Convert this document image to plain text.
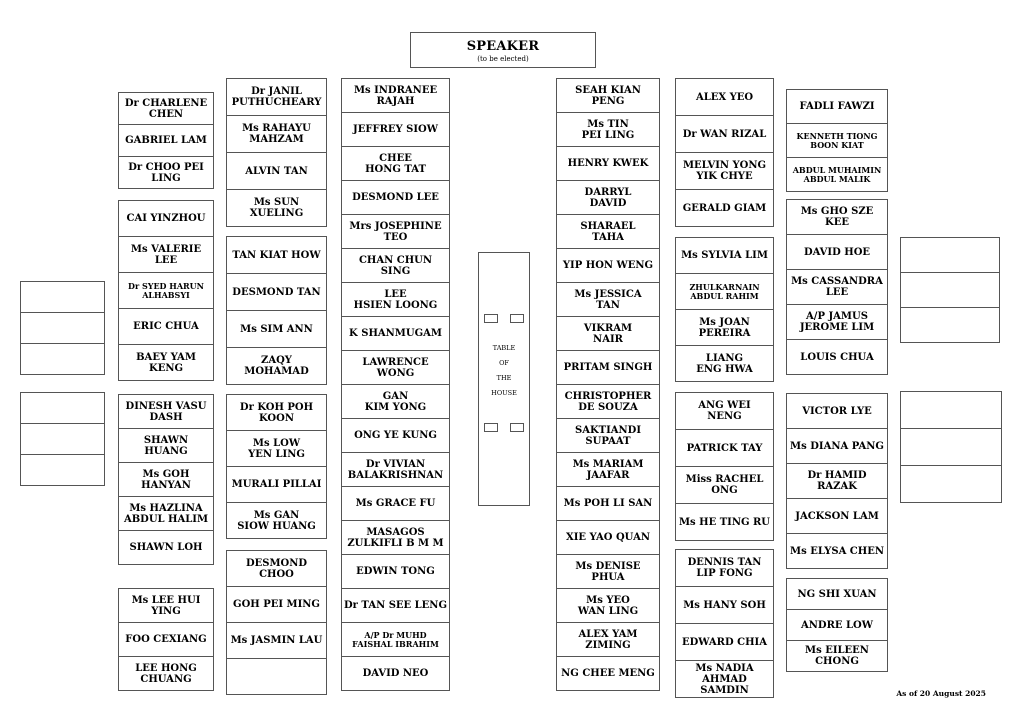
SPEAKER
(to be elected)
TABLE
OF
THE
HOUSE
As of 20 August 2025
Dr CHARLENE
CHEN
GABRIEL LAM
Dr CHOO PEI
LING
CAI YINZHOU
Ms VALERIE
LEE
Dr SYED HARUN
ALHABSYI
ERIC CHUA
BAEY YAM
KENG
DINESH VASU
DASH
SHAWN
HUANG
Ms GOH
HANYAN
Ms HAZLINA
ABDUL HALIM
SHAWN LOH
Ms LEE HUI
YING
FOO CEXIANG
LEE HONG
CHUANG
Dr JANIL
PUTHUCHEARY
Ms RAHAYU
MAHZAM
ALVIN TAN
Ms SUN XUELING
TAN KIAT HOW
DESMOND TAN
Ms SIM ANN
ZAQY
MOHAMAD
Dr KOH POH
KOON
Ms LOW
YEN LING
MURALI PILLAI
Ms GAN
SIOW HUANG
DESMOND
CHOO
GOH PEI MING
Ms JASMIN LAU
Ms INDRANEE
RAJAH
JEFFREY SIOW
CHEE
HONG TAT
DESMOND LEE
Mrs JOSEPHINE
TEO
CHAN CHUN SING
LEE
HSIEN LOONG
K SHANMUGAM
LAWRENCE
WONG
GAN
KIM YONG
ONG YE KUNG
Dr VIVIAN
BALAKRISHNAN
Ms GRACE FU
MASAGOS
ZULKIFLI B M M
EDWIN TONG
Dr TAN SEE LENG
A/P Dr MUHD
FAISHAL IBRAHIM
DAVID NEO
SEAH KIAN PENG
Ms TIN
PEI LING
HENRY KWEK
DARRYL
DAVID
SHARAEL
TAHA
YIP HON WENG
Ms JESSICA
TAN
VIKRAM
NAIR
PRITAM SINGH
CHRISTOPHER
DE SOUZA
SAKTIANDI
SUPAAT
Ms MARIAM
JAAFAR
Ms POH LI SAN
XIE YAO QUAN
Ms DENISE PHUA
Ms YEO
WAN LING
ALEX YAM
ZIMING
NG CHEE MENG
ALEX YEO
Dr WAN RIZAL
MELVIN YONG
YIK CHYE
GERALD GIAM
Ms SYLVIA LIM
ZHULKARNAIN
ABDUL RAHIM
Ms JOAN
PEREIRA
LIANG
ENG HWA
ANG WEI
NENG
PATRICK TAY
Miss RACHEL
ONG
Ms HE TING RU
DENNIS TAN
LIP FONG
Ms HANY SOH
EDWARD CHIA
Ms NADIA
AHMAD SAMDIN
FADLI FAWZI
KENNETH TIONG
BOON KIAT
ABDUL MUHAIMIN
ABDUL MALIK
Ms GHO SZE KEE
DAVID HOE
Ms CASSANDRA
LEE
A/P JAMUS
JEROME LIM
LOUIS CHUA
VICTOR LYE
Ms DIANA PANG
Dr HAMID
RAZAK
JACKSON LAM
Ms ELYSA CHEN
NG SHI XUAN
ANDRE LOW
Ms EILEEN
CHONG
